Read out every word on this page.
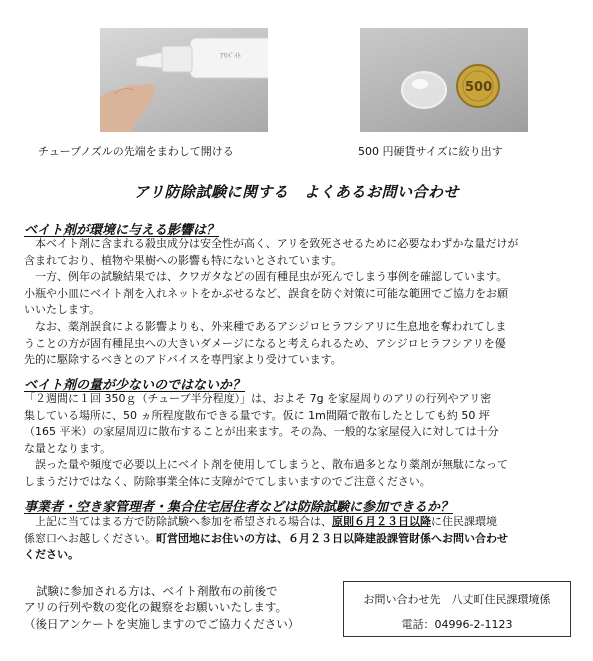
ｱﾘﾊﾞｲﾄ
500
チューブノズルの先端をまわして開ける	500 円硬貨サイズに絞り出す
アリ防除試験に関する　よくあるお問い合わせ
ベイト剤が環境に与える影響は？
　本ベイト剤に含まれる殺虫成分は安全性が高く、アリを致死させるために必要なわずかな量だけが
含まれており、植物や果樹への影響も特にないとされています。
　一方、例年の試験結果では、クワガタなどの固有種昆虫が死んでしまう事例を確認しています。
小瓶や小皿にベイト剤を入れネットをかぶせるなど、誤食を防ぐ対策に可能な範囲でご協力をお願
いいたします。
　なお、薬剤誤食による影響よりも、外来種であるアシジロヒラフシアリに生息地を奪われてしま
うことの方が固有種昆虫への大きいダメージになると考えられるため、アシジロヒラフシアリを優
先的に駆除するべきとのアドバイスを専門家より受けています。
ベイト剤の量が少ないのではないか？
「２週間に１回 350ｇ（チューブ半分程度）」は、およそ 7g を家屋周りのアリの行列やアリ密
集している場所に、50 ヵ所程度散布できる量です。仮に 1m間隔で散布したとしても約 50 坪
（165 平米）の家屋周辺に散布することが出来ます。その為、一般的な家屋侵入に対しては十分
な量となります。
　誤った量や頻度で必要以上にベイト剤を使用してしまうと、散布過多となり薬剤が無駄になって
しまうだけではなく、防除事業全体に支障がでてしまいますのでご注意ください。
事業者・空き家管理者・集合住宅居住者などは防除試験に参加できるか？
　上記に当てはまる方で防除試験へ参加を希望される場合は、原則６月２３日以降に住民課環境
係窓口へお越しください。町営団地にお住いの方は、６月２３日以降建設課管財係へお問い合わせ
ください。
試験に参加される方は、ベイト剤散布の前後で
アリの行列や数の変化の観察をお願いいたします。
（後日アンケートを実施しますのでご協力ください）
お問い合わせ先　八丈町住民課環境係
電話：04996-2-1123
